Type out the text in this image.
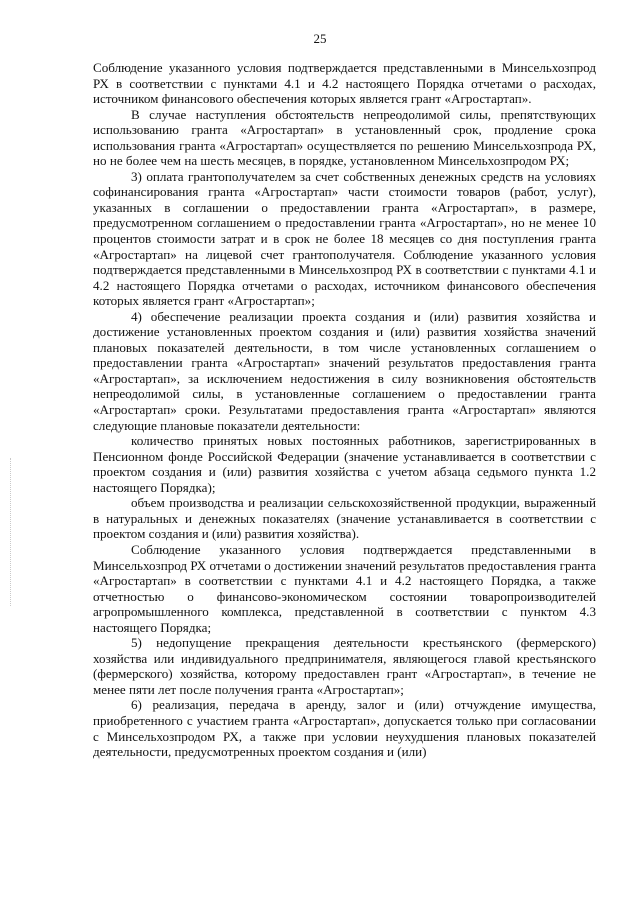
25

Соблюдение указанного условия подтверждается представленными в Минсельхозпрод РХ в соответствии с пунктами 4.1 и 4.2 настоящего Порядка отчетами о расходах, источником финансового обеспечения которых является грант «Агростартап».

В случае наступления обстоятельств непреодолимой силы, препятствующих использованию гранта «Агростартап» в установленный срок, продление срока использования гранта «Агростартап» осуществляется по решению Минсельхозпрода РХ, но не более чем на шесть месяцев, в порядке, установленном Минсельхозпродом РХ;

3) оплата грантополучателем за счет собственных денежных средств на условиях софинансирования гранта «Агростартап» части стоимости товаров (работ, услуг), указанных в соглашении о предоставлении гранта «Агростартап», в размере, предусмотренном соглашением о предоставлении гранта «Агростартап», но не менее 10 процентов стоимости затрат и в срок не более 18 месяцев со дня поступления гранта «Агростартап» на лицевой счет грантополучателя. Соблюдение указанного условия подтверждается представленными в Минсельхозпрод РХ в соответствии с пунктами 4.1 и 4.2 настоящего Порядка отчетами о расходах, источником финансового обеспечения которых является грант «Агростартап»;

4) обеспечение реализации проекта создания и (или) развития хозяйства и достижение установленных проектом создания и (или) развития хозяйства значений плановых показателей деятельности, в том числе установленных соглашением о предоставлении гранта «Агростартап» значений результатов предоставления гранта «Агростартап», за исключением недостижения в силу возникновения обстоятельств непреодолимой силы, в установленные соглашением о предоставлении гранта «Агростартап» сроки. Результатами предоставления гранта «Агростартап» являются следующие плановые показатели деятельности:

количество принятых новых постоянных работников, зарегистрированных в Пенсионном фонде Российской Федерации (значение устанавливается в соответствии с проектом создания и (или) развития хозяйства с учетом абзаца седьмого пункта 1.2 настоящего Порядка);

объем производства и реализации сельскохозяйственной продукции, выраженный в натуральных и денежных показателях (значение устанавливается в соответствии с проектом создания и (или) развития хозяйства).

Соблюдение указанного условия подтверждается представленными в Минсельхозпрод РХ отчетами о достижении значений результатов предоставления гранта «Агростартап» в соответствии с пунктами 4.1 и 4.2 настоящего Порядка, а также отчетностью о финансово-экономическом состоянии товаропроизводителей агропромышленного комплекса, представленной в соответствии с пунктом 4.3 настоящего Порядка;

5) недопущение прекращения деятельности крестьянского (фермерского) хозяйства или индивидуального предпринимателя, являющегося главой крестьянского (фермерского) хозяйства, которому предоставлен грант «Агростартап», в течение не менее пяти лет после получения гранта «Агростартап»;

6) реализация, передача в аренду, залог и (или) отчуждение имущества, приобретенного с участием гранта «Агростартап», допускается только при согласовании с Минсельхозпродом РХ, а также при условии неухудшения плановых показателей деятельности, предусмотренных проектом создания и (или)
